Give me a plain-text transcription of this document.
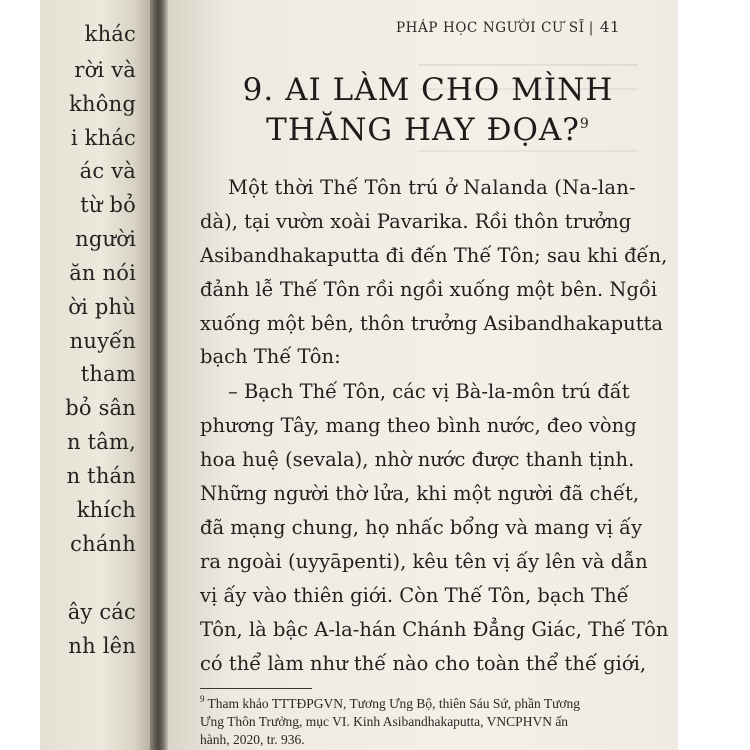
khác
rời và
không
i khác
ác và
từ bỏ
người
ăn nói
ời phù
nuyến
tham
bỏ sân
n tâm,
n thán
khích
chánh
ây các
nh lên
PHÁP HỌC NGƯỜI CƯ SĨ | 41
9. AI LÀM CHO MÌNH
THĂNG HAY ĐỌA?$^9$
Một thời Thế Tôn trú ở Nalanda (Na-lan-
dà), tại vườn xoài Pavarika. Rồi thôn trưởng
Asibandhakaputta đi đến Thế Tôn; sau khi đến,
đảnh lễ Thế Tôn rồi ngồi xuống một bên. Ngồi
xuống một bên, thôn trưởng Asibandhakaputta
bạch Thế Tôn:
– Bạch Thế Tôn, các vị Bà-la-môn trú đất
phương Tây, mang theo bình nước, đeo vòng
hoa huệ (sevala), nhờ nước được thanh tịnh.
Những người thờ lửa, khi một người đã chết,
đã mạng chung, họ nhấc bổng và mang vị ấy
ra ngoài (uyyāpenti), kêu tên vị ấy lên và dẫn
vị ấy vào thiên giới. Còn Thế Tôn, bạch Thế
Tôn, là bậc A-la-hán Chánh Đẳng Giác, Thế Tôn
có thể làm như thế nào cho toàn thể thế giới,
$^9$ Tham khảo TTTĐPGVN, Tương Ưng Bộ, thiên Sáu Sứ, phần Tương
Ưng Thôn Trưởng, mục VI. Kinh Asibandhakaputta, VNCPHVN ấn
hành, 2020, tr. 936.
